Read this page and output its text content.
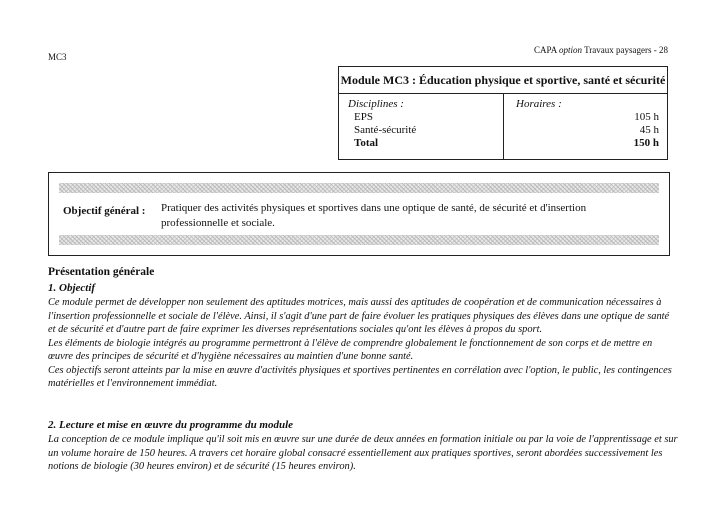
MC3
CAPA option Travaux paysagers - 28
Module MC3 : Éducation physique et sportive, santé et sécurité
Disciplines :
EPS
Santé-sécurité
Total
Horaires :
105 h
45 h
150 h
Objectif général : Pratiquer des activités physiques et sportives dans une optique de santé, de sécurité et d'insertion professionnelle et sociale.
Présentation générale
1. Objectif

Ce module permet de développer non seulement des aptitudes motrices, mais aussi des aptitudes de coopération et de communication nécessaires à l'insertion professionnelle et sociale de l'élève. Ainsi, il s'agit d'une part de faire évoluer les pratiques physiques des élèves dans une optique de santé et de sécurité et d'autre part de faire exprimer les diverses représentations sociales qu'ont les élèves à propos du sport.

Les éléments de biologie intégrés au programme permettront à l'élève de comprendre globalement le fonctionnement de son corps et de mettre en œuvre des principes de sécurité et d'hygiène nécessaires au maintien d'une bonne santé.

Ces objectifs seront atteints par la mise en œuvre d'activités physiques et sportives pertinentes en corrélation avec l'option, le public, les contingences matérielles et l'environnement immédiat.

2. Lecture et mise en œuvre du programme du module

La conception de ce module implique qu'il soit mis en œuvre sur une durée de deux années en formation initiale ou par la voie de l'apprentissage et sur un volume horaire de 150 heures. A travers cet horaire global consacré essentiellement aux pratiques sportives, seront abordées successivement les notions de biologie (30 heures environ) et de sécurité (15 heures environ).
